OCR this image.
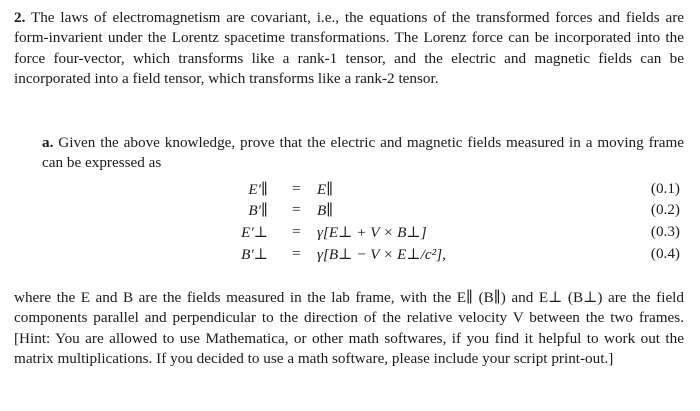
2. The laws of electromagnetism are covariant, i.e., the equations of the transformed forces and fields are form-invarient under the Lorentz spacetime transformations. The Lorenz force can be incorporated into the force four-vector, which transforms like a rank-1 tensor, and the electric and magnetic fields can be incorporated into a field tensor, which transforms like a rank-2 tensor.
a. Given the above knowledge, prove that the electric and magnetic fields measured in a moving frame can be expressed as
E′∥ = E∥	(0.1)
B′∥ = B∥	(0.2)
E′⊥ = γ[E⊥ + V × B⊥]	(0.3)
B′⊥ = γ[B⊥ − V × E⊥/c²],	(0.4)
where the E and B are the fields measured in the lab frame, with the E∥ (B∥) and E⊥ (B⊥) are the field components parallel and perpendicular to the direction of the relative velocity V between the two frames. [Hint: You are allowed to use Mathematica, or other math softwares, if you find it helpful to work out the matrix multiplications. If you decided to use a math software, please include your script print-out.]
